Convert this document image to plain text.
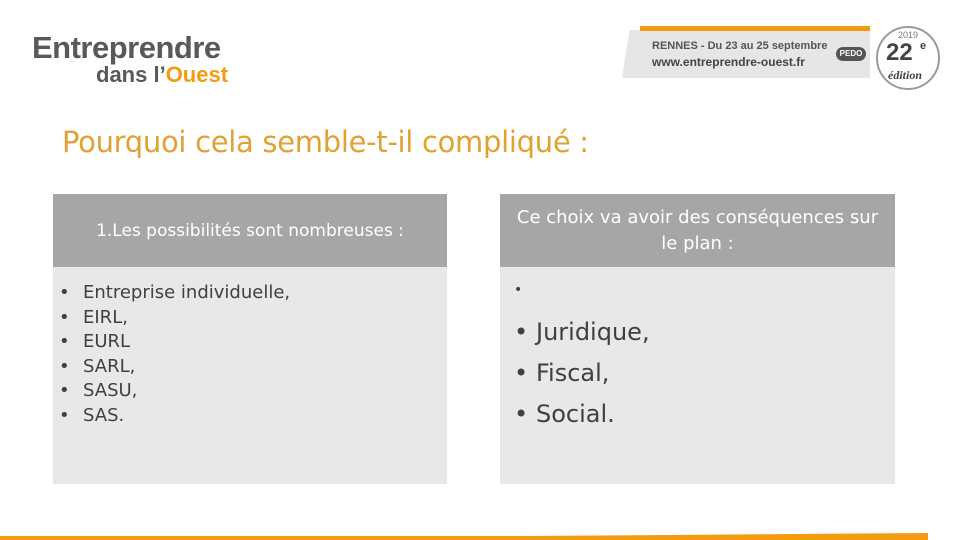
Entreprendre
dans l’Ouest
RENNES - Du 23 au 25 septembre
www.entreprendre-ouest.fr
PEDO
2019
22 e
édition
Pourquoi cela semble-t-il compliqué :
1.Les possibilités sont nombreuses :
• Entreprise individuelle,
• EIRL,
• EURL
• SARL,
• SASU,
• SAS.
Ce choix va avoir des conséquences sur le plan :
•
• Juridique,
• Fiscal,
• Social.
